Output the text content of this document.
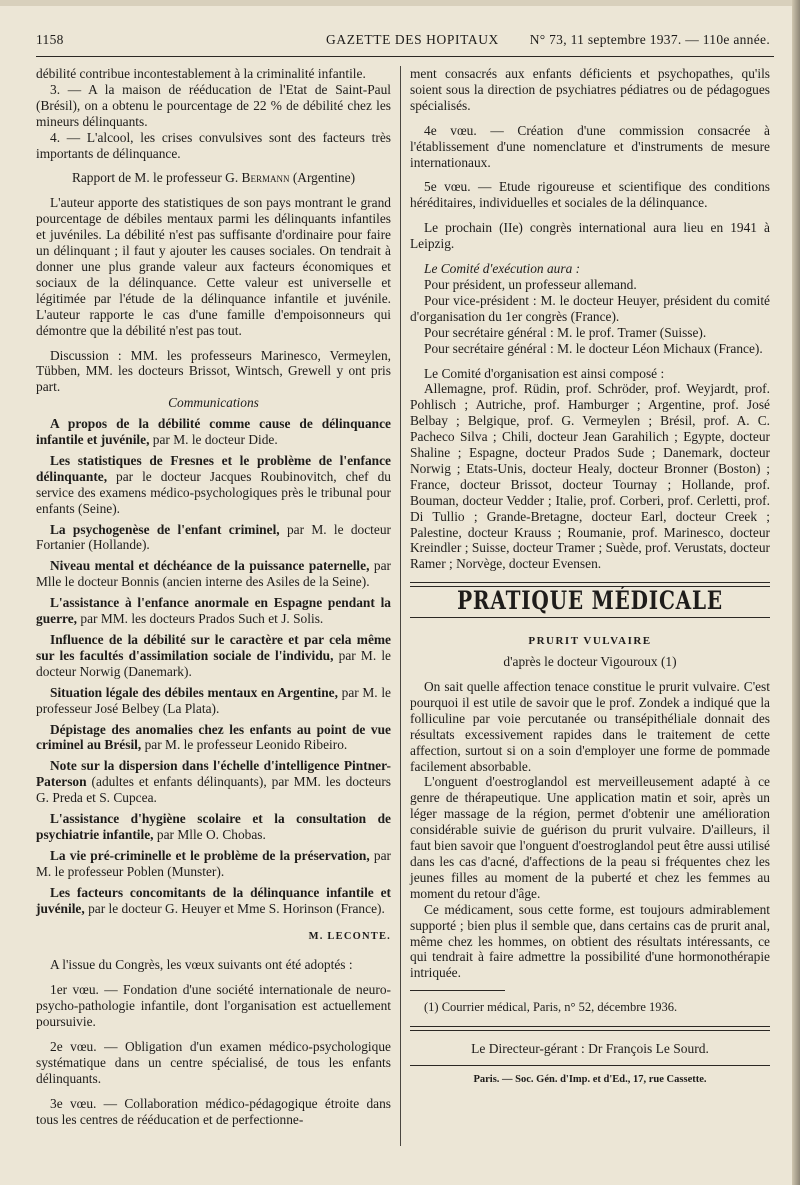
1158	GAZETTE DES HOPITAUX N° 73, 11 septembre 1937. — 110e année.

débilité contribue incontestablement à la criminalité infantile.

3. — A la maison de rééducation de l'Etat de Saint-Paul (Brésil), on a obtenu le pourcentage de 22 % de débilité chez les mineurs délinquants.

4. — L'alcool, les crises convulsives sont des facteurs très importants de délinquance.

Rapport de M. le professeur G. Bermann (Argentine)

L'auteur apporte des statistiques de son pays montrant le grand pourcentage de débiles mentaux parmi les délinquants infantiles et juvéniles. La débilité n'est pas suffisante d'ordinaire pour faire un délinquant ; il faut y ajouter les causes sociales. On tendrait à donner une plus grande valeur aux facteurs économiques et sociaux de la délinquance. Cette valeur est universelle et légitimée par l'étude de la délinquance infantile et juvénile. L'auteur rapporte le cas d'une famille d'empoisonneurs qui démontre que la débilité n'est pas tout.

Discussion : MM. les professeurs Marinesco, Vermeylen, Tübben, MM. les docteurs Brissot, Wintsch, Grewell y ont pris part.

Communications

A propos de la débilité comme cause de délinquance infantile et juvénile, par M. le docteur Dide.

Les statistiques de Fresnes et le problème de l'enfance délinquante, par le docteur Jacques Roubinovitch, chef du service des examens médico-psychologiques près le tribunal pour enfants (Seine).

La psychogenèse de l'enfant criminel, par M. le docteur Fortanier (Hollande).

Niveau mental et déchéance de la puissance paternelle, par Mlle le docteur Bonnis (ancien interne des Asiles de la Seine).

L'assistance à l'enfance anormale en Espagne pendant la guerre, par MM. les docteurs Prados Such et J. Solis.

Influence de la débilité sur le caractère et par cela même sur les facultés d'assimilation sociale de l'individu, par M. le docteur Norwig (Danemark).

Situation légale des débiles mentaux en Argentine, par M. le professeur José Belbey (La Plata).

Dépistage des anomalies chez les enfants au point de vue criminel au Brésil, par M. le professeur Leonido Ribeiro.

Note sur la dispersion dans l'échelle d'intelligence Pintner-Paterson (adultes et enfants délinquants), par MM. les docteurs G. Preda et S. Cupcea.

L'assistance d'hygiène scolaire et la consultation de psychiatrie infantile, par Mlle O. Chobas.

La vie pré-criminelle et le problème de la préservation, par M. le professeur Poblen (Munster).

Les facteurs concomitants de la délinquance infantile et juvénile, par le docteur G. Heuyer et Mme S. Horinson (France).

M. LECONTE.

A l'issue du Congrès, les vœux suivants ont été adoptés :

1er vœu. — Fondation d'une société internationale de neuro-psycho-pathologie infantile, dont l'organisation est actuellement poursuivie.

2e vœu. — Obligation d'un examen médico-psychologique systématique dans un centre spécialisé, de tous les enfants délinquants.

3e vœu. — Collaboration médico-pédagogique étroite dans tous les centres de rééducation et de perfectionne-

ment consacrés aux enfants déficients et psychopathes, qu'ils soient sous la direction de psychiatres pédiatres ou de pédagogues spécialisés.

4e vœu. — Création d'une commission consacrée à l'établissement d'une nomenclature et d'instruments de mesure internationaux.

5e vœu. — Etude rigoureuse et scientifique des conditions héréditaires, individuelles et sociales de la délinquance.

Le prochain (IIe) congrès international aura lieu en 1941 à Leipzig.

Le Comité d'exécution aura :

Pour président, un professeur allemand.

Pour vice-président : M. le docteur Heuyer, président du comité d'organisation du 1er congrès (France).

Pour secrétaire général : M. le prof. Tramer (Suisse).

Pour secrétaire général : M. le docteur Léon Michaux (France).

Le Comité d'organisation est ainsi composé :

Allemagne, prof. Rüdin, prof. Schröder, prof. Weyjardt, prof. Pohlisch ; Autriche, prof. Hamburger ; Argentine, prof. José Belbay ; Belgique, prof. G. Vermeylen ; Brésil, prof. A. C. Pacheco Silva ; Chili, docteur Jean Garahilich ; Egypte, docteur Shaline ; Espagne, docteur Prados Sude ; Danemark, docteur Norwig ; Etats-Unis, docteur Healy, docteur Bronner (Boston) ; France, docteur Brissot, docteur Tournay ; Hollande, prof. Bouman, docteur Vedder ; Italie, prof. Corberi, prof. Cerletti, prof. Di Tullio ; Grande-Bretagne, docteur Earl, docteur Creek ; Palestine, docteur Krauss ; Roumanie, prof. Marinesco, docteur Kreindler ; Suisse, docteur Tramer ; Suède, prof. Verustats, docteur Ramer ; Norvège, docteur Evensen.

PRATIQUE MÉDICALE

PRURIT VULVAIRE

d'après le docteur Vigouroux (1)

On sait quelle affection tenace constitue le prurit vulvaire. C'est pourquoi il est utile de savoir que le prof. Zondek a indiqué que la folliculine par voie percutanée ou transépithéliale donnait des résultats excessivement rapides dans le traitement de cette affection, surtout si on a soin d'employer une forme de pommade facilement absorbable.

L'onguent d'oestroglandol est merveilleusement adapté à ce genre de thérapeutique. Une application matin et soir, après un léger massage de la région, permet d'obtenir une amélioration considérable suivie de guérison du prurit vulvaire. D'ailleurs, il faut bien savoir que l'onguent d'oestroglandol peut être aussi utilisé dans les cas d'acné, d'affections de la peau si fréquentes chez les jeunes filles au moment de la puberté et chez les femmes au moment du retour d'âge.

Ce médicament, sous cette forme, est toujours admirablement supporté ; bien plus il semble que, dans certains cas de prurit anal, même chez les hommes, on obtient des résultats intéressants, ce qui tendrait à faire admettre la possibilité d'une hormonothérapie intriquée.

(1) Courrier médical, Paris, n° 52, décembre 1936.

Le Directeur-gérant : Dr François Le Sourd.

Paris. — Soc. Gén. d'Imp. et d'Ed., 17, rue Cassette.
